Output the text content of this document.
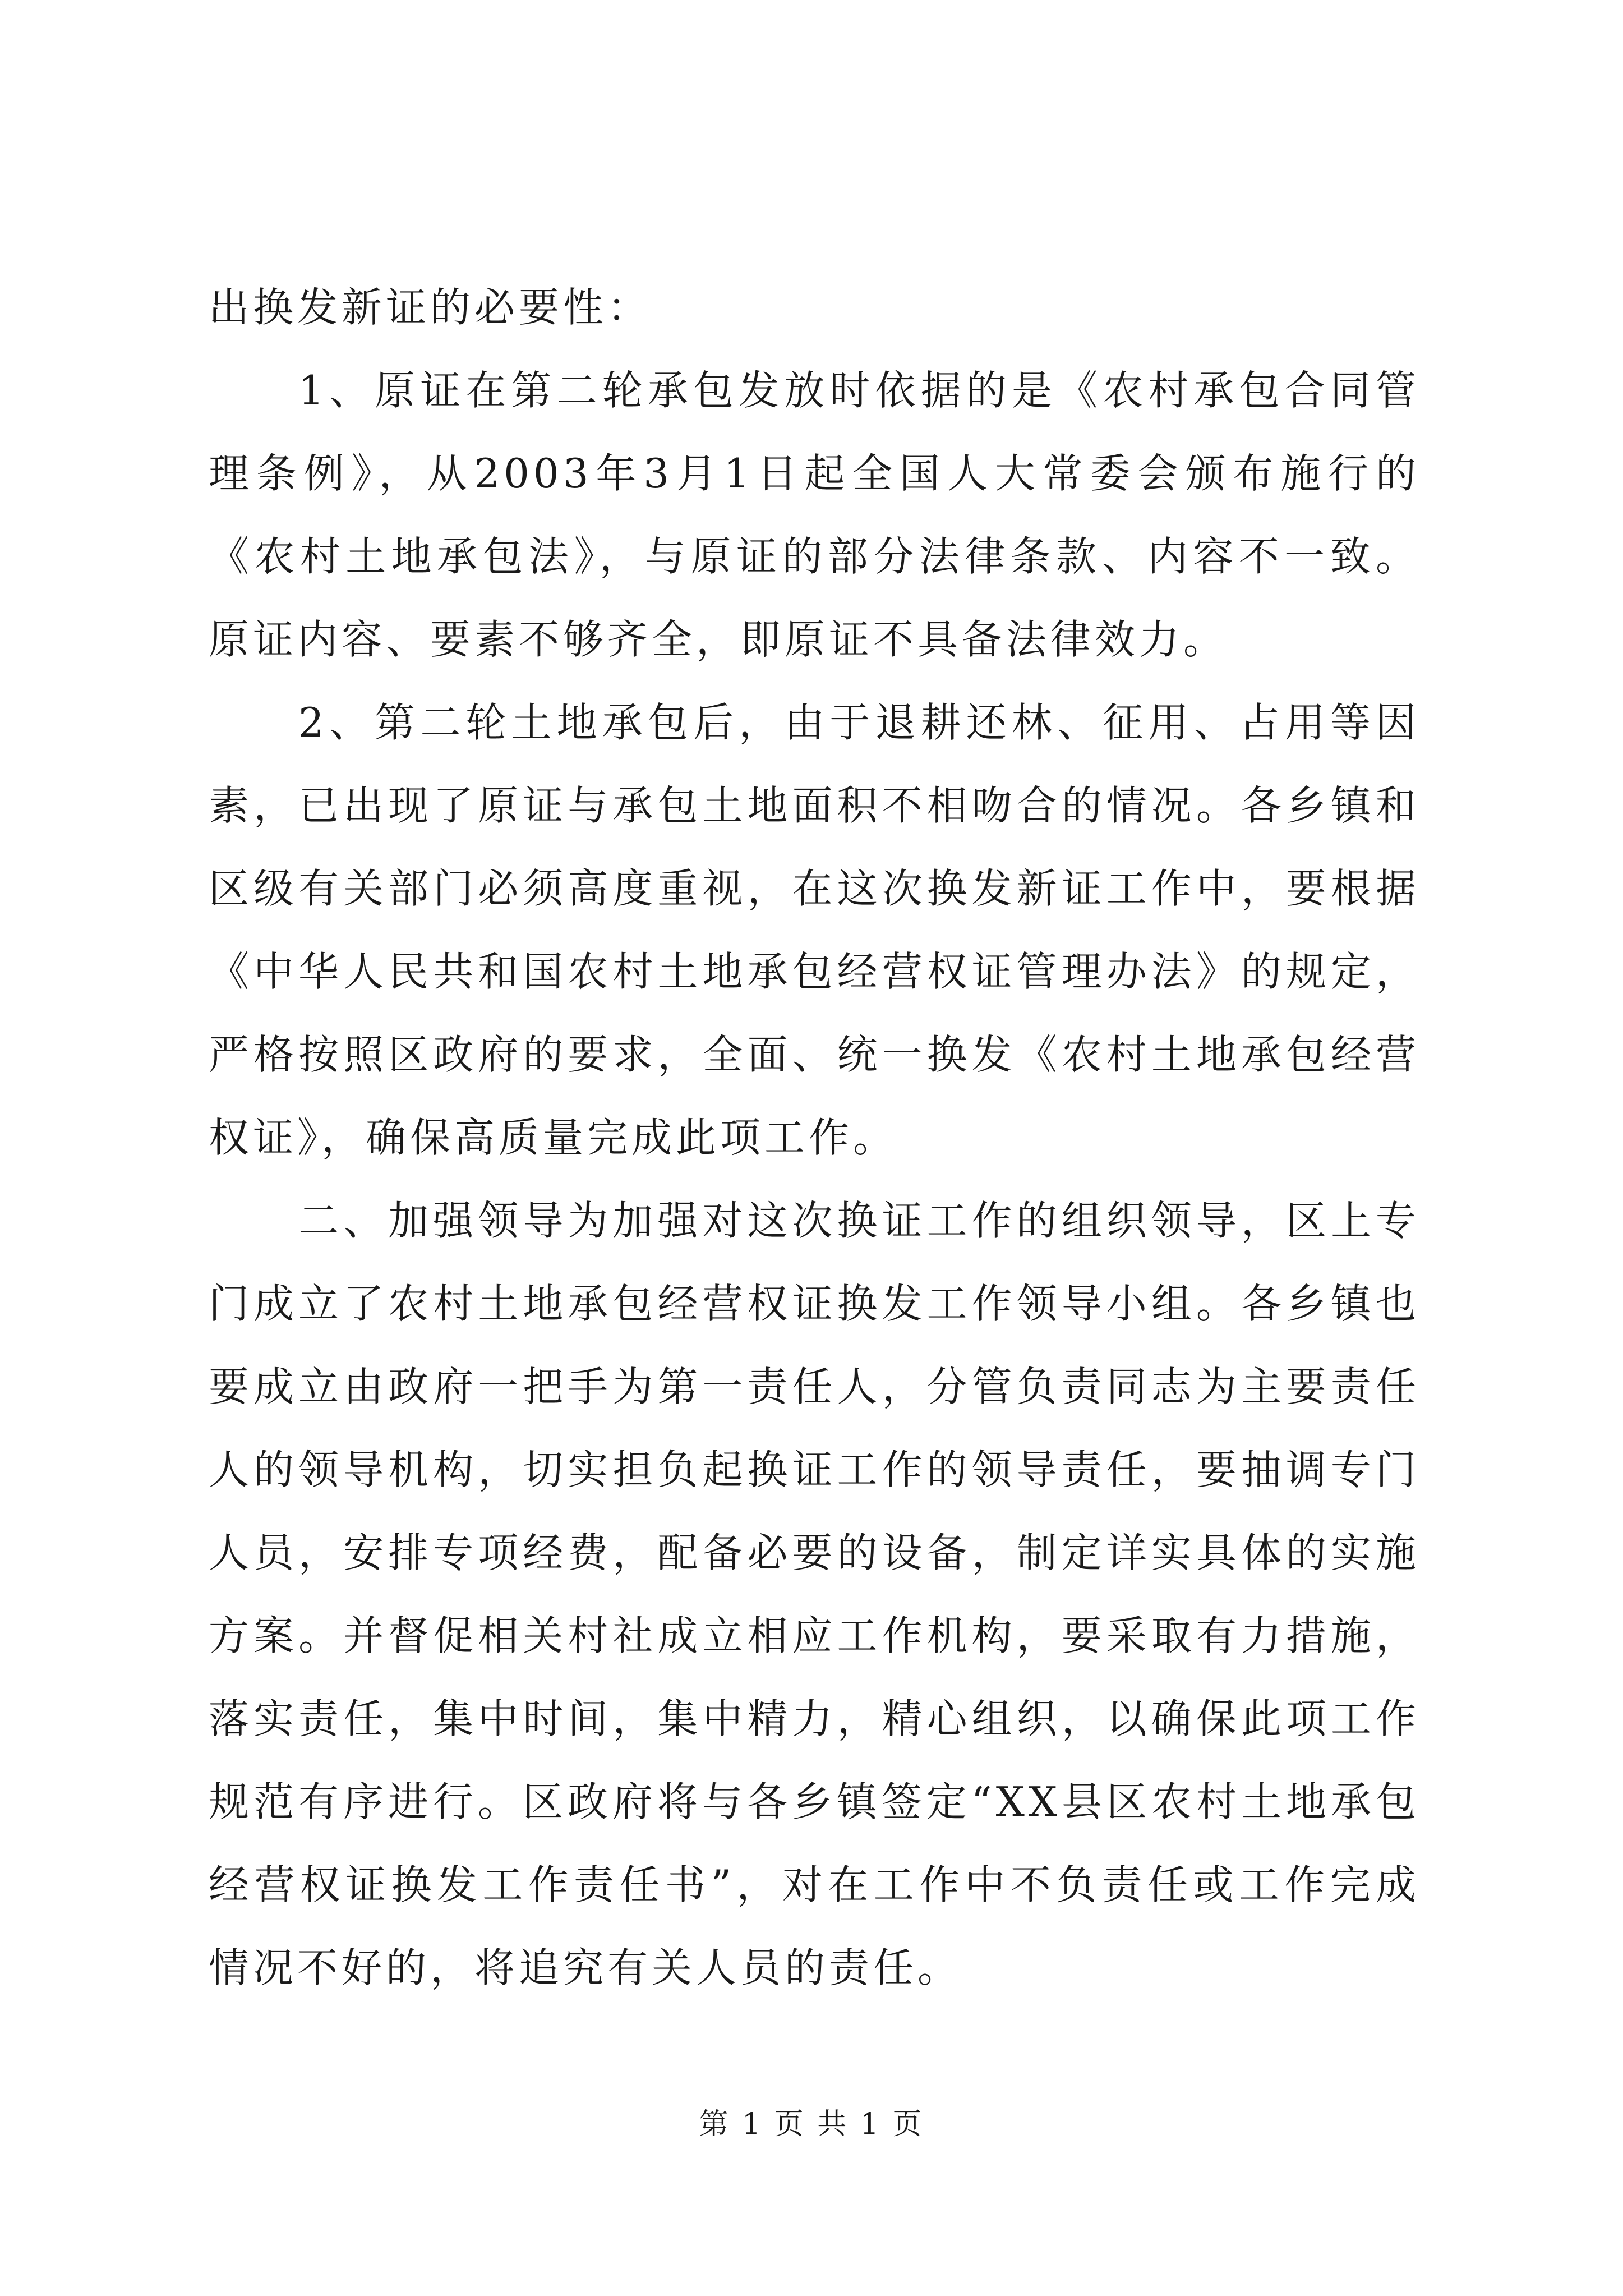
出换发新证的必要性：

1、原证在第二轮承包发放时依据的是《农村承包合同管理条例》，从2003年3月1日起全国人大常委会颁布施行的《农村土地承包法》，与原证的部分法律条款、内容不一致。原证内容、要素不够齐全，即原证不具备法律效力。

2、第二轮土地承包后，由于退耕还林、征用、占用等因素，已出现了原证与承包土地面积不相吻合的情况。各乡镇和区级有关部门必须高度重视，在这次换发新证工作中，要根据《中华人民共和国农村土地承包经营权证管理办法》的规定，严格按照区政府的要求，全面、统一换发《农村土地承包经营权证》，确保高质量完成此项工作。

二、加强领导为加强对这次换证工作的组织领导，区上专门成立了农村土地承包经营权证换发工作领导小组。各乡镇也要成立由政府一把手为第一责任人，分管负责同志为主要责任人的领导机构，切实担负起换证工作的领导责任，要抽调专门人员，安排专项经费，配备必要的设备，制定详实具体的实施方案。并督促相关村社成立相应工作机构，要采取有力措施，落实责任，集中时间，集中精力，精心组织，以确保此项工作规范有序进行。区政府将与各乡镇签定“XX县区农村土地承包经营权证换发工作责任书”，对在工作中不负责任或工作完成情况不好的，将追究有关人员的责任。

第 1 页 共 1 页
